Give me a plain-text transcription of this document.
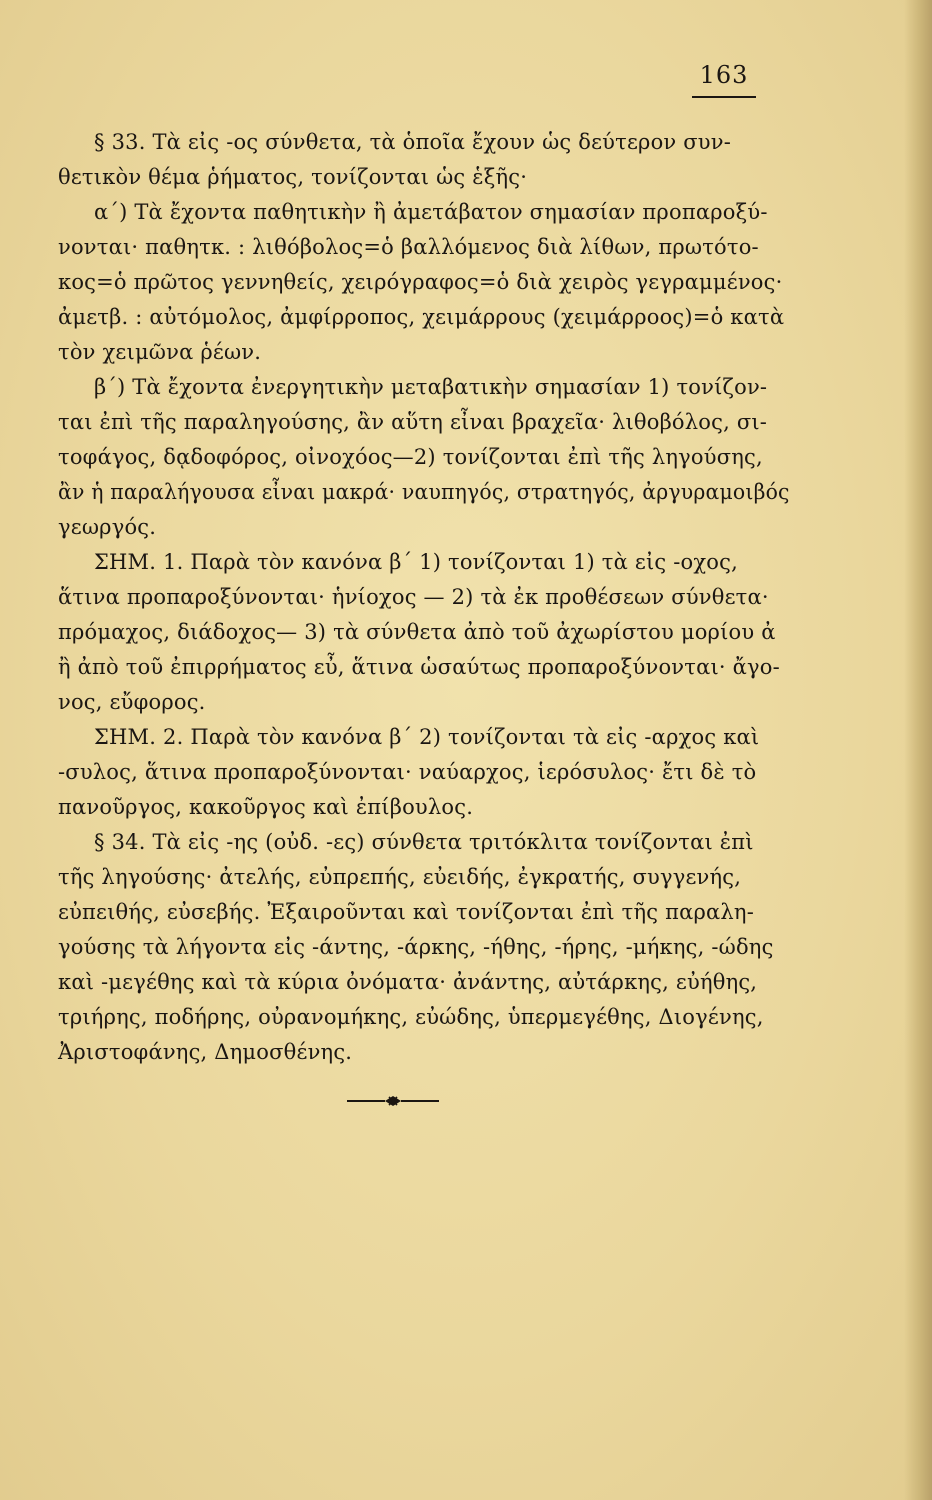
163
§ 33. Τὰ εἰς -ος σύνθετα, τὰ ὁποῖα ἔχουν ὡς δεύτερον συν-
θετικὸν θέμα ῥήματος, τονίζονται ὡς ἑξῆς·
α΄) Τὰ ἔχοντα παθητικὴν ἢ ἀμετάβατον σημασίαν προπαροξύ-
νονται· παθητκ. : λιθόβολος=ὁ βαλλόμενος διὰ λίθων, πρωτότο-
κος=ὁ πρῶτος γεννηθείς, χειρόγραφος=ὁ διὰ χειρὸς γεγραμμένος·
ἀμετβ. : αὐτόμολος, ἀμφίρροπος, χειμάρρους (χειμάρροος)=ὁ κατὰ
τὸν χειμῶνα ῥέων.
β΄) Τὰ ἔχοντα ἐνεργητικὴν μεταβατικὴν σημασίαν 1) τονίζον-
ται ἐπὶ τῆς παραληγούσης, ἂν αὕτη εἶναι βραχεῖα· λιθοβόλος, σι-
τοφάγος, δᾳδοφόρος, οἰνοχόος—2) τονίζονται ἐπὶ τῆς ληγούσης,
ἂν ἡ παραλήγουσα εἶναι μακρά· ναυπηγός, στρατηγός, ἀργυραμοιβός
γεωργός.
ΣΗΜ. 1. Παρὰ τὸν κανόνα β΄ 1) τονίζονται 1) τὰ εἰς -οχος,
ἅτινα προπαροξύνονται· ἡνίοχος — 2) τὰ ἐκ προθέσεων σύνθετα·
πρόμαχος, διάδοχος— 3) τὰ σύνθετα ἀπὸ τοῦ ἀχωρίστου μορίου ἀ
ἢ ἀπὸ τοῦ ἐπιρρήματος εὖ, ἅτινα ὡσαύτως προπαροξύνονται· ἄγο-
νος, εὔφορος.
ΣΗΜ. 2. Παρὰ τὸν κανόνα β΄ 2) τονίζονται τὰ εἰς -αρχος καὶ
-συλος, ἅτινα προπαροξύνονται· ναύαρχος, ἱερόσυλος· ἔτι δὲ τὸ
πανοῦργος, κακοῦργος καὶ ἐπίβουλος.
§ 34. Τὰ εἰς -ης (οὐδ. -ες) σύνθετα τριτόκλιτα τονίζονται ἐπὶ
τῆς ληγούσης· ἀτελής, εὐπρεπής, εὐειδής, ἐγκρατής, συγγενής,
εὐπειθής, εὐσεβής. Ἐξαιροῦνται καὶ τονίζονται ἐπὶ τῆς παραλη-
γούσης τὰ λήγοντα εἰς -άντης, -άρκης, -ήθης, -ήρης, -μήκης, -ώδης
καὶ -μεγέθης καὶ τὰ κύρια ὀνόματα· ἀνάντης, αὐτάρκης, εὐήθης,
τριήρης, ποδήρης, οὐρανομήκης, εὐώδης, ὑπερμεγέθης, Διογένης,
Ἀριστοφάνης, Δημοσθένης.
